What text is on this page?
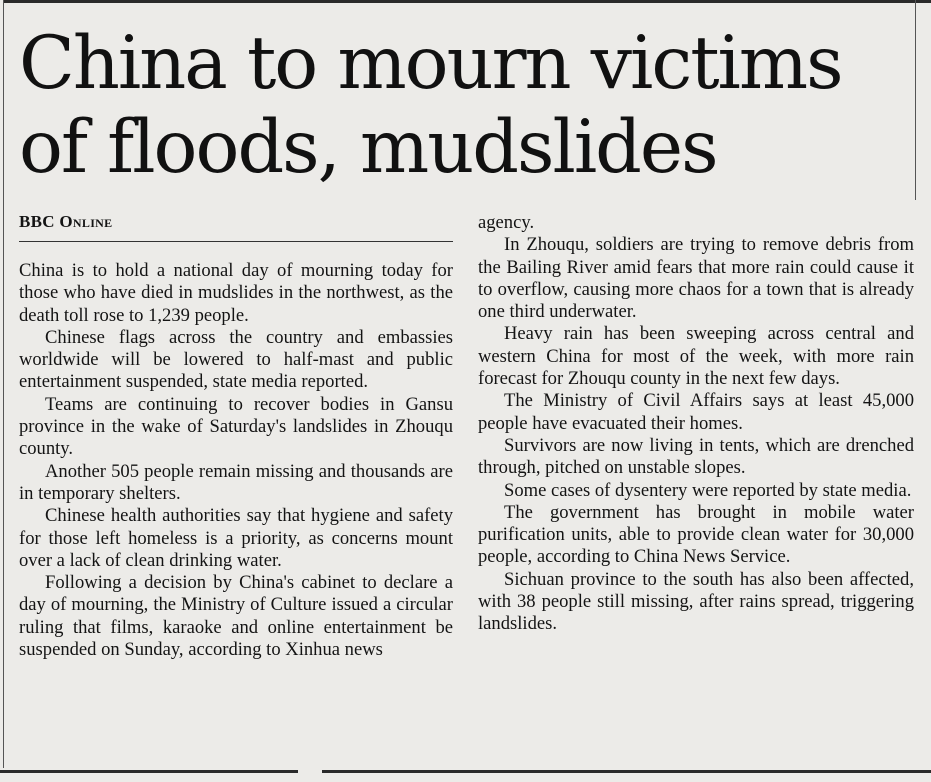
China to mourn victims
of floods, mudslides
BBC Online

China is to hold a national day of mourning today for those who have died in mudslides in the northwest, as the death toll rose to 1,239 people.

Chinese flags across the country and embassies worldwide will be lowered to half-mast and public entertainment suspended, state media reported.

Teams are continuing to recover bodies in Gansu province in the wake of Saturday's landslides in Zhouqu county.

Another 505 people remain missing and thousands are in temporary shelters.

Chinese health authorities say that hygiene and safety for those left homeless is a priority, as concerns mount over a lack of clean drinking water.

Following a decision by China's cabinet to declare a day of mourning, the Ministry of Culture issued a circular ruling that films, karaoke and online entertainment be suspended on Sunday, according to Xinhua news

agency.

In Zhouqu, soldiers are trying to remove debris from the Bailing River amid fears that more rain could cause it to overflow, causing more chaos for a town that is already one third underwater.

Heavy rain has been sweeping across central and western China for most of the week, with more rain forecast for Zhouqu county in the next few days.

The Ministry of Civil Affairs says at least 45,000 people have evacuated their homes.

Survivors are now living in tents, which are drenched through, pitched on unstable slopes.

Some cases of dysentery were reported by state media.

The government has brought in mobile water purification units, able to provide clean water for 30,000 people, according to China News Service.

Sichuan province to the south has also been affected, with 38 people still missing, after rains spread, triggering landslides.
